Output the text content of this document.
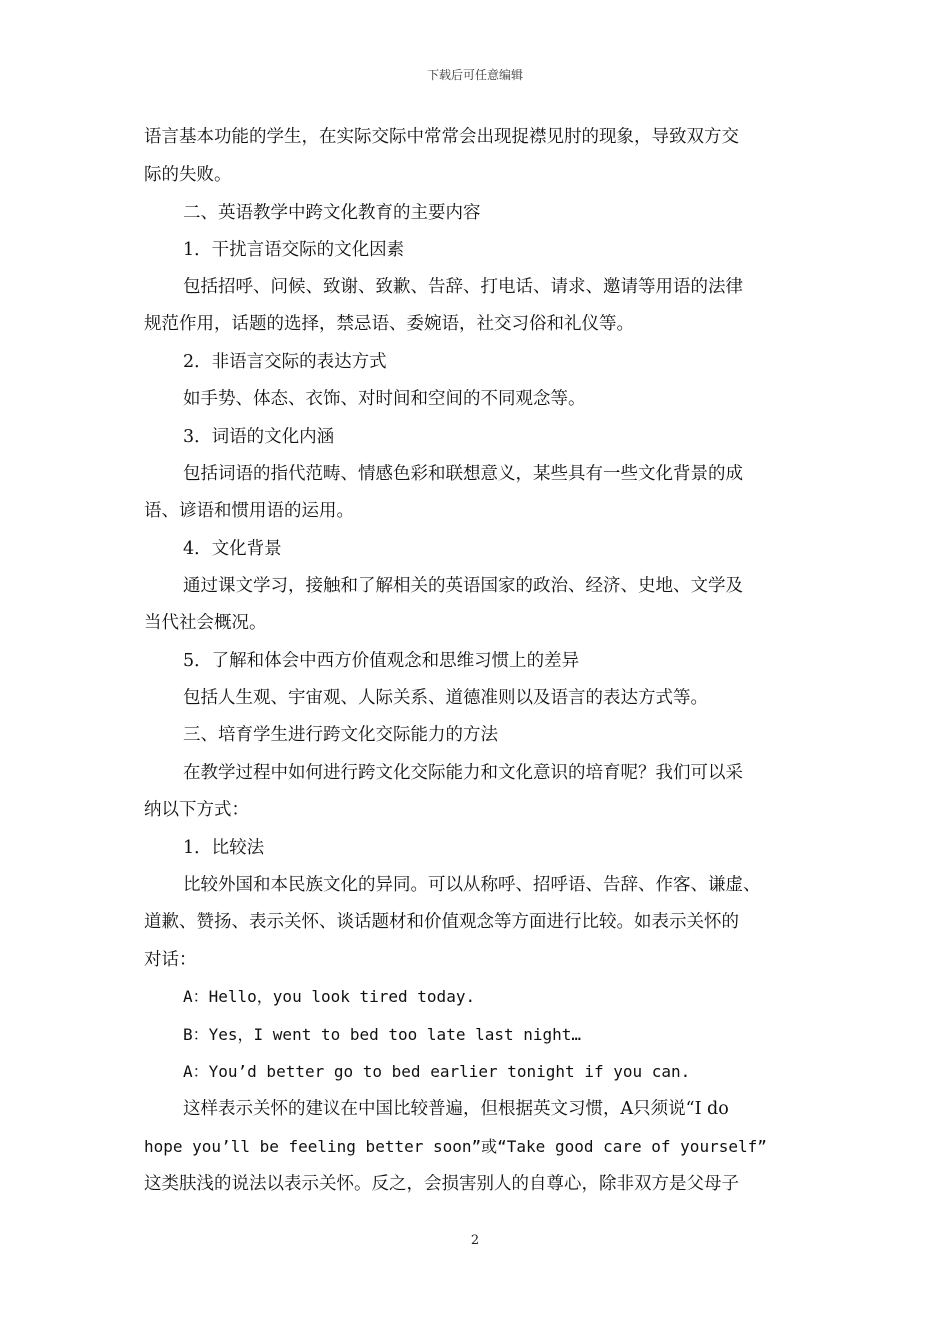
下载后可任意编辑
语言基本功能的学生，在实际交际中常常会出现捉襟见肘的现象，导致双方交
际的失败。
二、英语教学中跨文化教育的主要内容
1．干扰言语交际的文化因素
包括招呼、问候、致谢、致歉、告辞、打电话、请求、邀请等用语的法律
规范作用，话题的选择，禁忌语、委婉语，社交习俗和礼仪等。
2．非语言交际的表达方式
如手势、体态、衣饰、对时间和空间的不同观念等。
3．词语的文化内涵
包括词语的指代范畴、情感色彩和联想意义，某些具有一些文化背景的成
语、谚语和惯用语的运用。
4．文化背景
通过课文学习，接触和了解相关的英语国家的政治、经济、史地、文学及
当代社会概况。
5．了解和体会中西方价值观念和思维习惯上的差异
包括人生观、宇宙观、人际关系、道德准则以及语言的表达方式等。
三、培育学生进行跨文化交际能力的方法
在教学过程中如何进行跨文化交际能力和文化意识的培育呢？我们可以采
纳以下方式：
1．比较法
比较外国和本民族文化的异同。可以从称呼、招呼语、告辞、作客、谦虚、
道歉、赞扬、表示关怀、谈话题材和价值观念等方面进行比较。如表示关怀的
对话：
A：Hello，you look tired today.
B：Yes，I went to bed too late last night…
A：You’d better go to bed earlier tonight if you can.
这样表示关怀的建议在中国比较普遍，但根据英文习惯，A只须说“I do
hope you’ll be feeling better soon”或“Take good care of yourself”
这类肤浅的说法以表示关怀。反之，会损害别人的自尊心，除非双方是父母子
2
